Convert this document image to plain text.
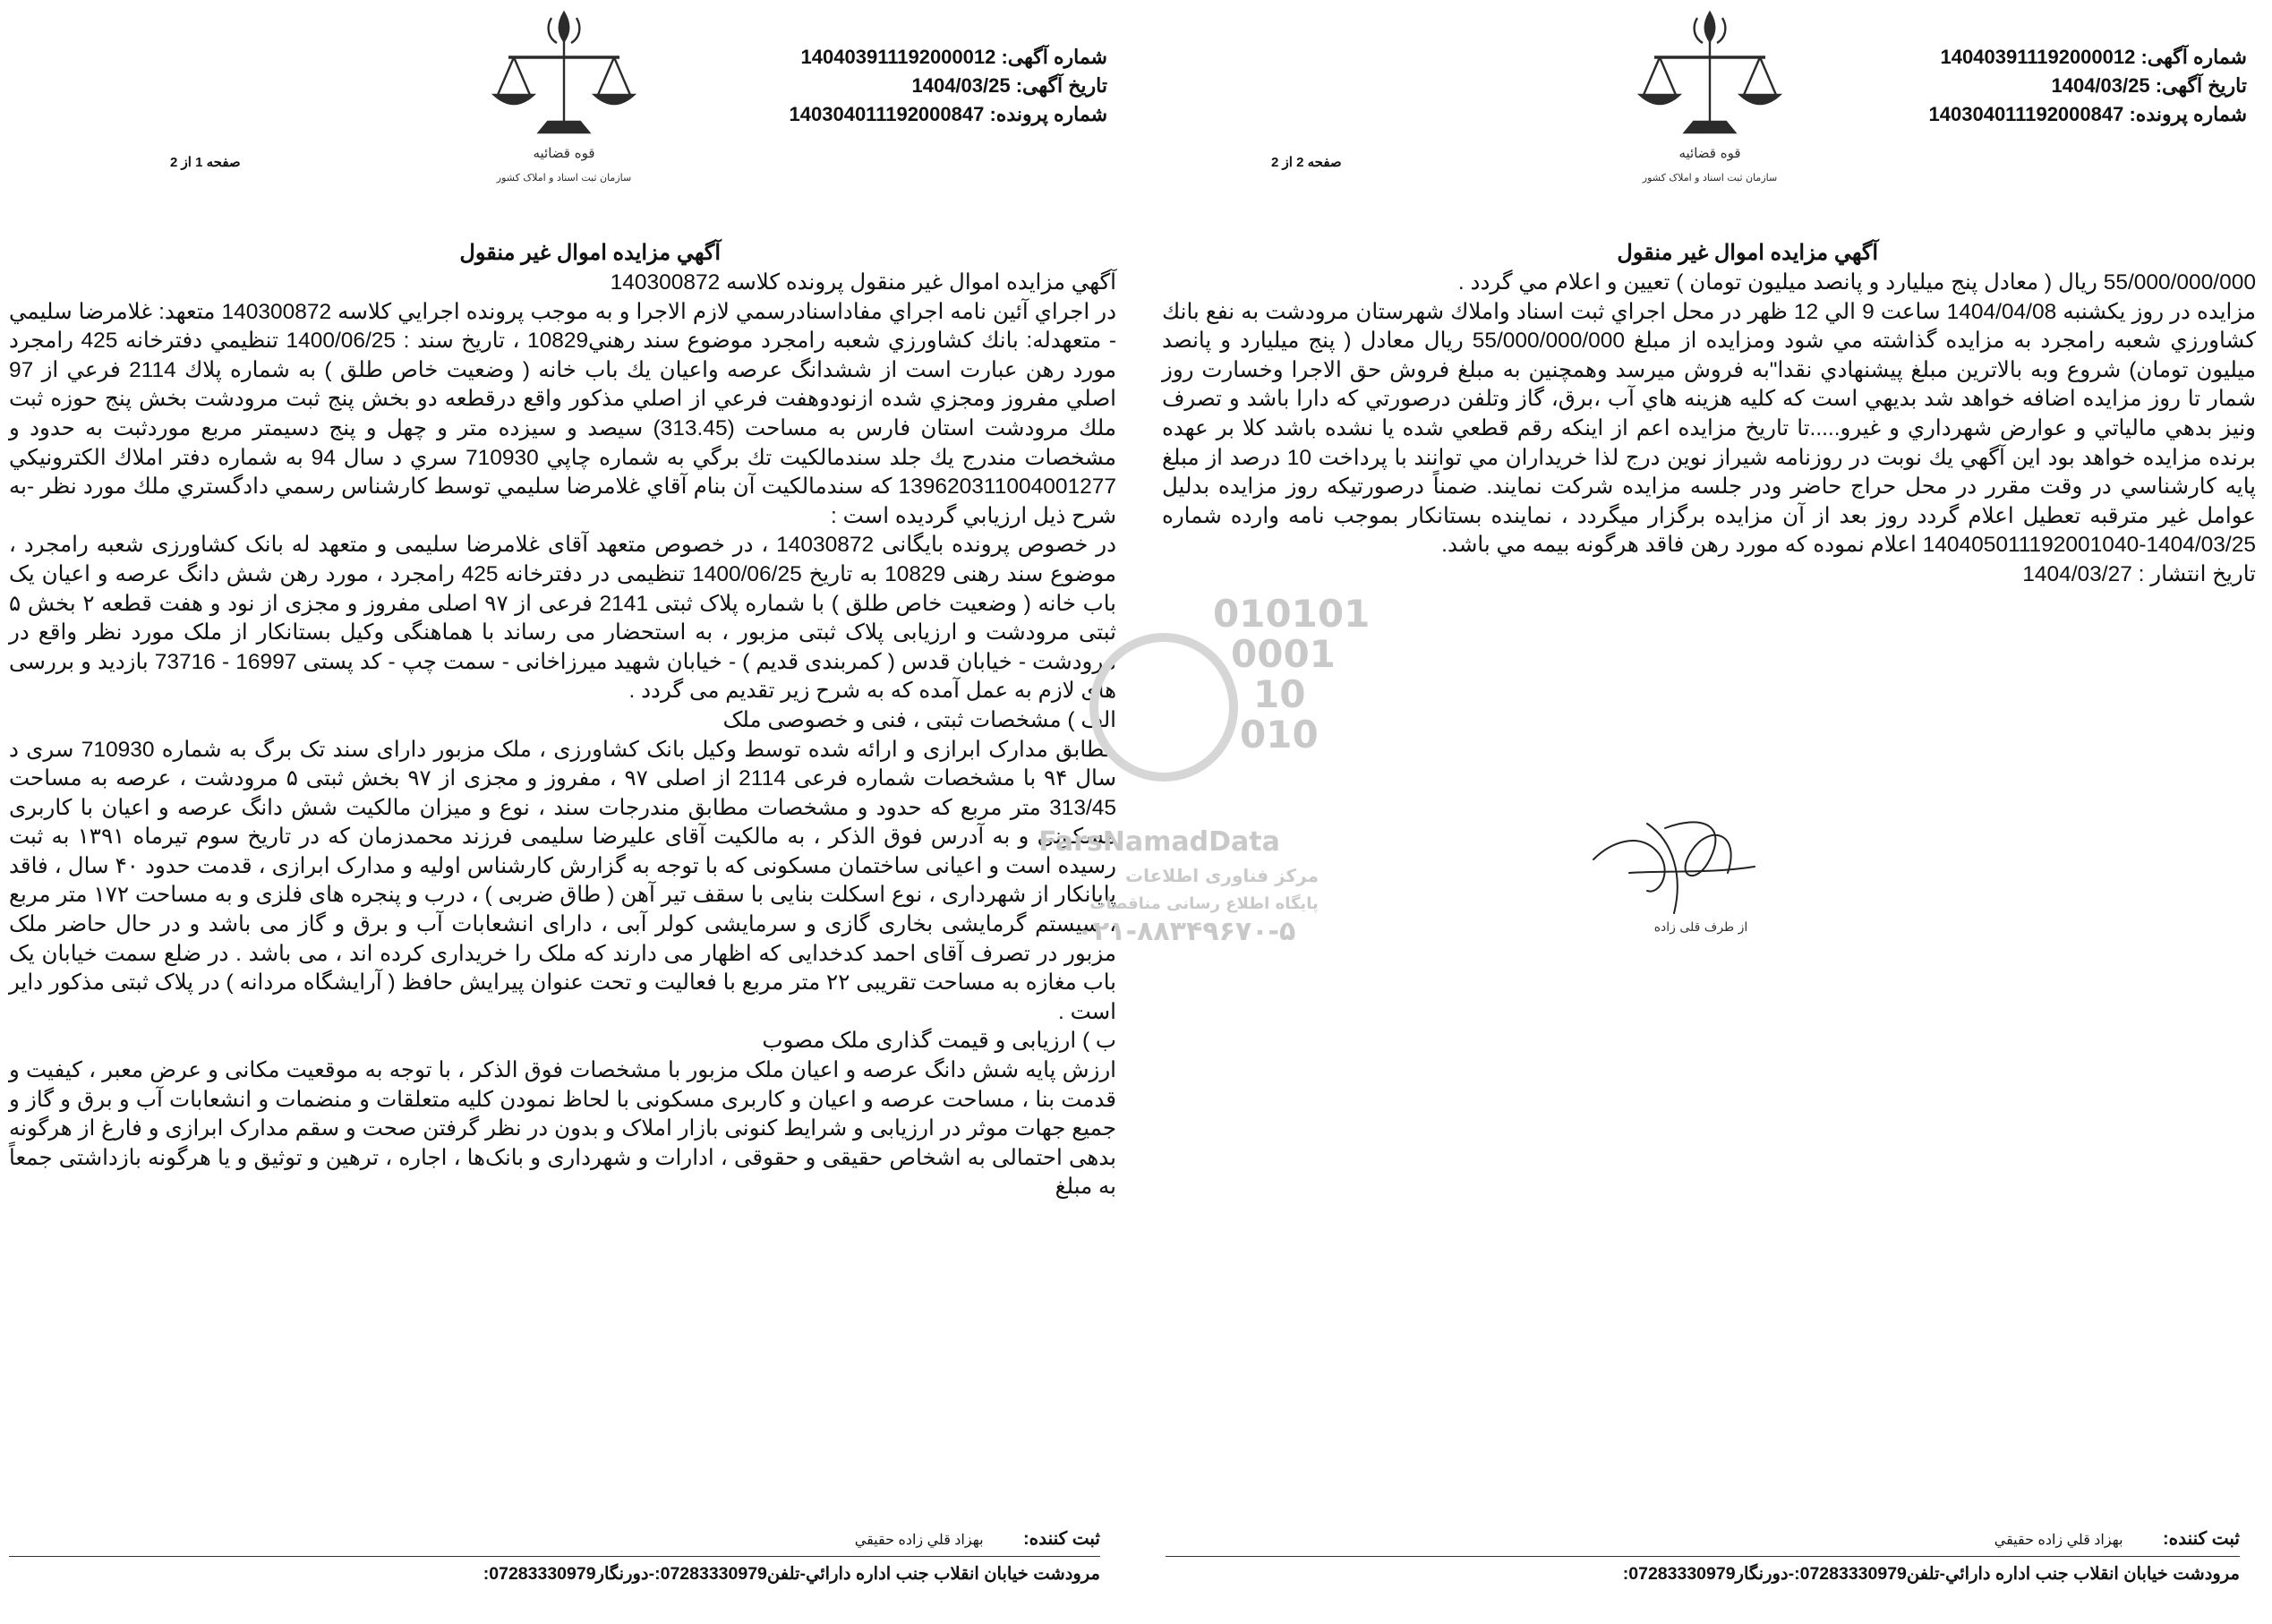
شماره آگهی: 140403911192000012
تاریخ آگهی: 1404/03/25
شماره پرونده: 140304011192000847
قوه قضائیه
سازمان ثبت اسناد و املاک کشور
صفحه 1 از 2
آگهي مزايده اموال غير منقول

آگهي مزايده اموال غير منقول پرونده كلاسه 140300872

در اجراي آئين نامه اجراي مفاداسنادرسمي لازم الاجرا و به موجب پرونده اجرايي كلاسه 140300872 متعهد: غلامرضا سليمي - متعهدله: بانك كشاورزي شعبه رامجرد موضوع سند رهني10829 ، تاريخ سند : 1400/06/25 تنظيمي دفترخانه 425 رامجرد مورد رهن عبارت است از ششدانگ عرصه واعيان يك باب خانه ( وضعيت خاص طلق ) به شماره پلاك 2114 فرعي از 97 اصلي مفروز ومجزي شده ازنودوهفت فرعي از اصلي مذكور واقع درقطعه دو بخش پنج ثبت مرودشت بخش پنج حوزه ثبت ملك مرودشت استان فارس به مساحت (313.45) سيصد و سيزده متر و چهل و پنج دسيمتر مربع موردثبت به حدود و مشخصات مندرج يك جلد سندمالكيت تك برگي به شماره چاپي 710930 سري د سال 94 به شماره دفتر املاك الكترونيكي 139620311004001277 كه سندمالكيت آن بنام آقاي غلامرضا سليمي توسط كارشناس رسمي دادگستري ملك مورد نظر -به شرح ذيل ارزيابي گرديده است :

در خصوص پرونده بایگانی 14030872 ، در خصوص متعهد آقای غلامرضا سلیمی و متعهد له بانک کشاورزی شعبه رامجرد ، موضوع سند رهنی 10829 به تاریخ 1400/06/25 تنظیمی در دفترخانه 425 رامجرد ، مورد رهن شش دانگ عرصه و اعیان یک باب خانه ( وضعیت خاص طلق ) با شماره پلاک ثبتی 2141 فرعی از ۹۷ اصلی مفروز و مجزی از نود و هفت قطعه ۲ بخش ۵ ثبتی مرودشت و ارزیابی پلاک ثبتی مزبور ، به استحضار می رساند با هماهنگی وکیل بستانکار از ملک مورد نظر واقع در مرودشت - خیابان قدس ( کمربندی قدیم ) - خیابان شهید میرزاخانی - سمت چپ - کد پستی 16997 - 73716 بازدید و بررسی های لازم به عمل آمده که به شرح زیر تقدیم می گردد .

الف ) مشخصات ثبتی ، فنی و خصوصی ملک

مطابق مدارک ابرازی و ارائه شده توسط وکیل بانک کشاورزی ، ملک مزبور دارای سند تک برگ به شماره 710930 سری د سال ۹۴ با مشخصات شماره فرعی 2114 از اصلی ۹۷ ، مفروز و مجزی از ۹۷ بخش ثبتی ۵ مرودشت ، عرصه به مساحت 313/45 متر مربع که حدود و مشخصات مطابق مندرجات سند ، نوع و میزان مالکیت شش دانگ عرصه و اعیان با کاربری مسکونی و به آدرس فوق الذکر ، به مالکیت آقای علیرضا سلیمی فرزند محمدزمان که در تاریخ سوم تیرماه ۱۳۹۱ به ثبت رسیده است و اعیانی ساختمان مسکونی که با توجه به گزارش کارشناس اولیه و مدارک ابرازی ، قدمت حدود ۴۰ سال ، فاقد پایانکار از شهرداری ، نوع اسکلت بنایی با سقف تیر آهن ( طاق ضربی ) ، درب و پنجره های فلزی و به مساحت ۱۷۲ متر مربع ، سیستم گرمایشی بخاری گازی و سرمایشی کولر آبی ، دارای انشعابات آب و برق و گاز می باشد و در حال حاضر ملک مزبور در تصرف آقای احمد کدخدایی که اظهار می دارند که ملک را خریداری کرده اند ، می باشد . در ضلع سمت خیابان یک باب مغازه به مساحت تقریبی ۲۲ متر مربع با فعالیت و تحت عنوان پیرایش حافظ ( آرایشگاه مردانه ) در پلاک ثبتی مذکور دایر است .

ب ) ارزیابی و قیمت گذاری ملک مصوب

ارزش پایه شش دانگ عرصه و اعیان ملک مزبور با مشخصات فوق الذکر ، با توجه به موقعیت مکانی و عرض معبر ، کیفیت و قدمت بنا ، مساحت عرصه و اعیان و کاربری مسکونی با لحاظ نمودن کلیه متعلقات و منضمات و انشعابات آب و برق و گاز و جمیع جهات موثر در ارزیابی و شرایط کنونی بازار املاک و بدون در نظر گرفتن صحت و سقم مدارک ابرازی و فارغ از هرگونه بدهی احتمالی به اشخاص حقیقی و حقوقی ، ادارات و شهرداری و بانک‌ها ، اجاره ، ترهین و توثیق و یا هرگونه بازداشتی جمعاً به مبلغ

ثبت کننده: بهزاد قلي زاده حقيقي
مرودشت خيابان انقلاب جنب اداره دارائي-تلفن07283330979:-دورنگار07283330979:
شماره آگهی: 140403911192000012
تاریخ آگهی: 1404/03/25
شماره پرونده: 140304011192000847
قوه قضائیه
سازمان ثبت اسناد و املاک کشور
صفحه 2 از 2
آگهي مزايده اموال غير منقول

55/000/000/000 ريال ( معادل پنج ميليارد و پانصد ميليون تومان ) تعيين و اعلام مي گردد .

مزايده در روز يكشنبه 1404/04/08 ساعت 9 الي 12 ظهر در محل اجراي ثبت اسناد واملاك شهرستان مرودشت به نفع بانك كشاورزي شعبه رامجرد به مزايده گذاشته مي شود ومزايده از مبلغ 55/000/000/000 ريال معادل ( پنج ميليارد و پانصد ميليون تومان) شروع وبه بالاترين مبلغ پيشنهادي نقدا"به فروش ميرسد وهمچنين به مبلغ فروش حق الاجرا وخسارت روز شمار تا روز مزايده اضافه خواهد شد بديهي است كه كليه هزينه هاي آب ،برق، گاز وتلفن درصورتي كه دارا باشد و تصرف ونيز بدهي مالياتي و عوارض شهرداري و غيرو.....تا تاريخ مزايده اعم از اينكه رقم قطعي شده يا نشده باشد كلا بر عهده برنده مزايده خواهد بود اين آگهي يك نوبت در روزنامه شيراز نوين درج لذا خريداران مي توانند با پرداخت 10 درصد از مبلغ پايه كارشناسي در وقت مقرر در محل حراج حاضر ودر جلسه مزايده شركت نمايند. ضمناً درصورتيكه روز مزايده بدليل عوامل غير مترقبه تعطيل اعلام گردد روز بعد از آن مزايده برگزار ميگردد ، نماينده بستانكار بموجب نامه وارده شماره 1404/03/25-140405011192001040 اعلام نموده كه مورد رهن فاقد هرگونه بيمه مي باشد.

تاريخ انتشار : 1404/03/27

از طرف قلی زاده
ثبت کننده: بهزاد قلي زاده حقيقي
مرودشت خيابان انقلاب جنب اداره دارائي-تلفن07283330979:-دورنگار07283330979:
010101
0001
10
010
FarsNamadData
مرکز فناوری اطلاعات
پایگاه اطلاع رسانی مناقصات
۰۲۱-۸۸۳۴۹۶۷۰-۵
